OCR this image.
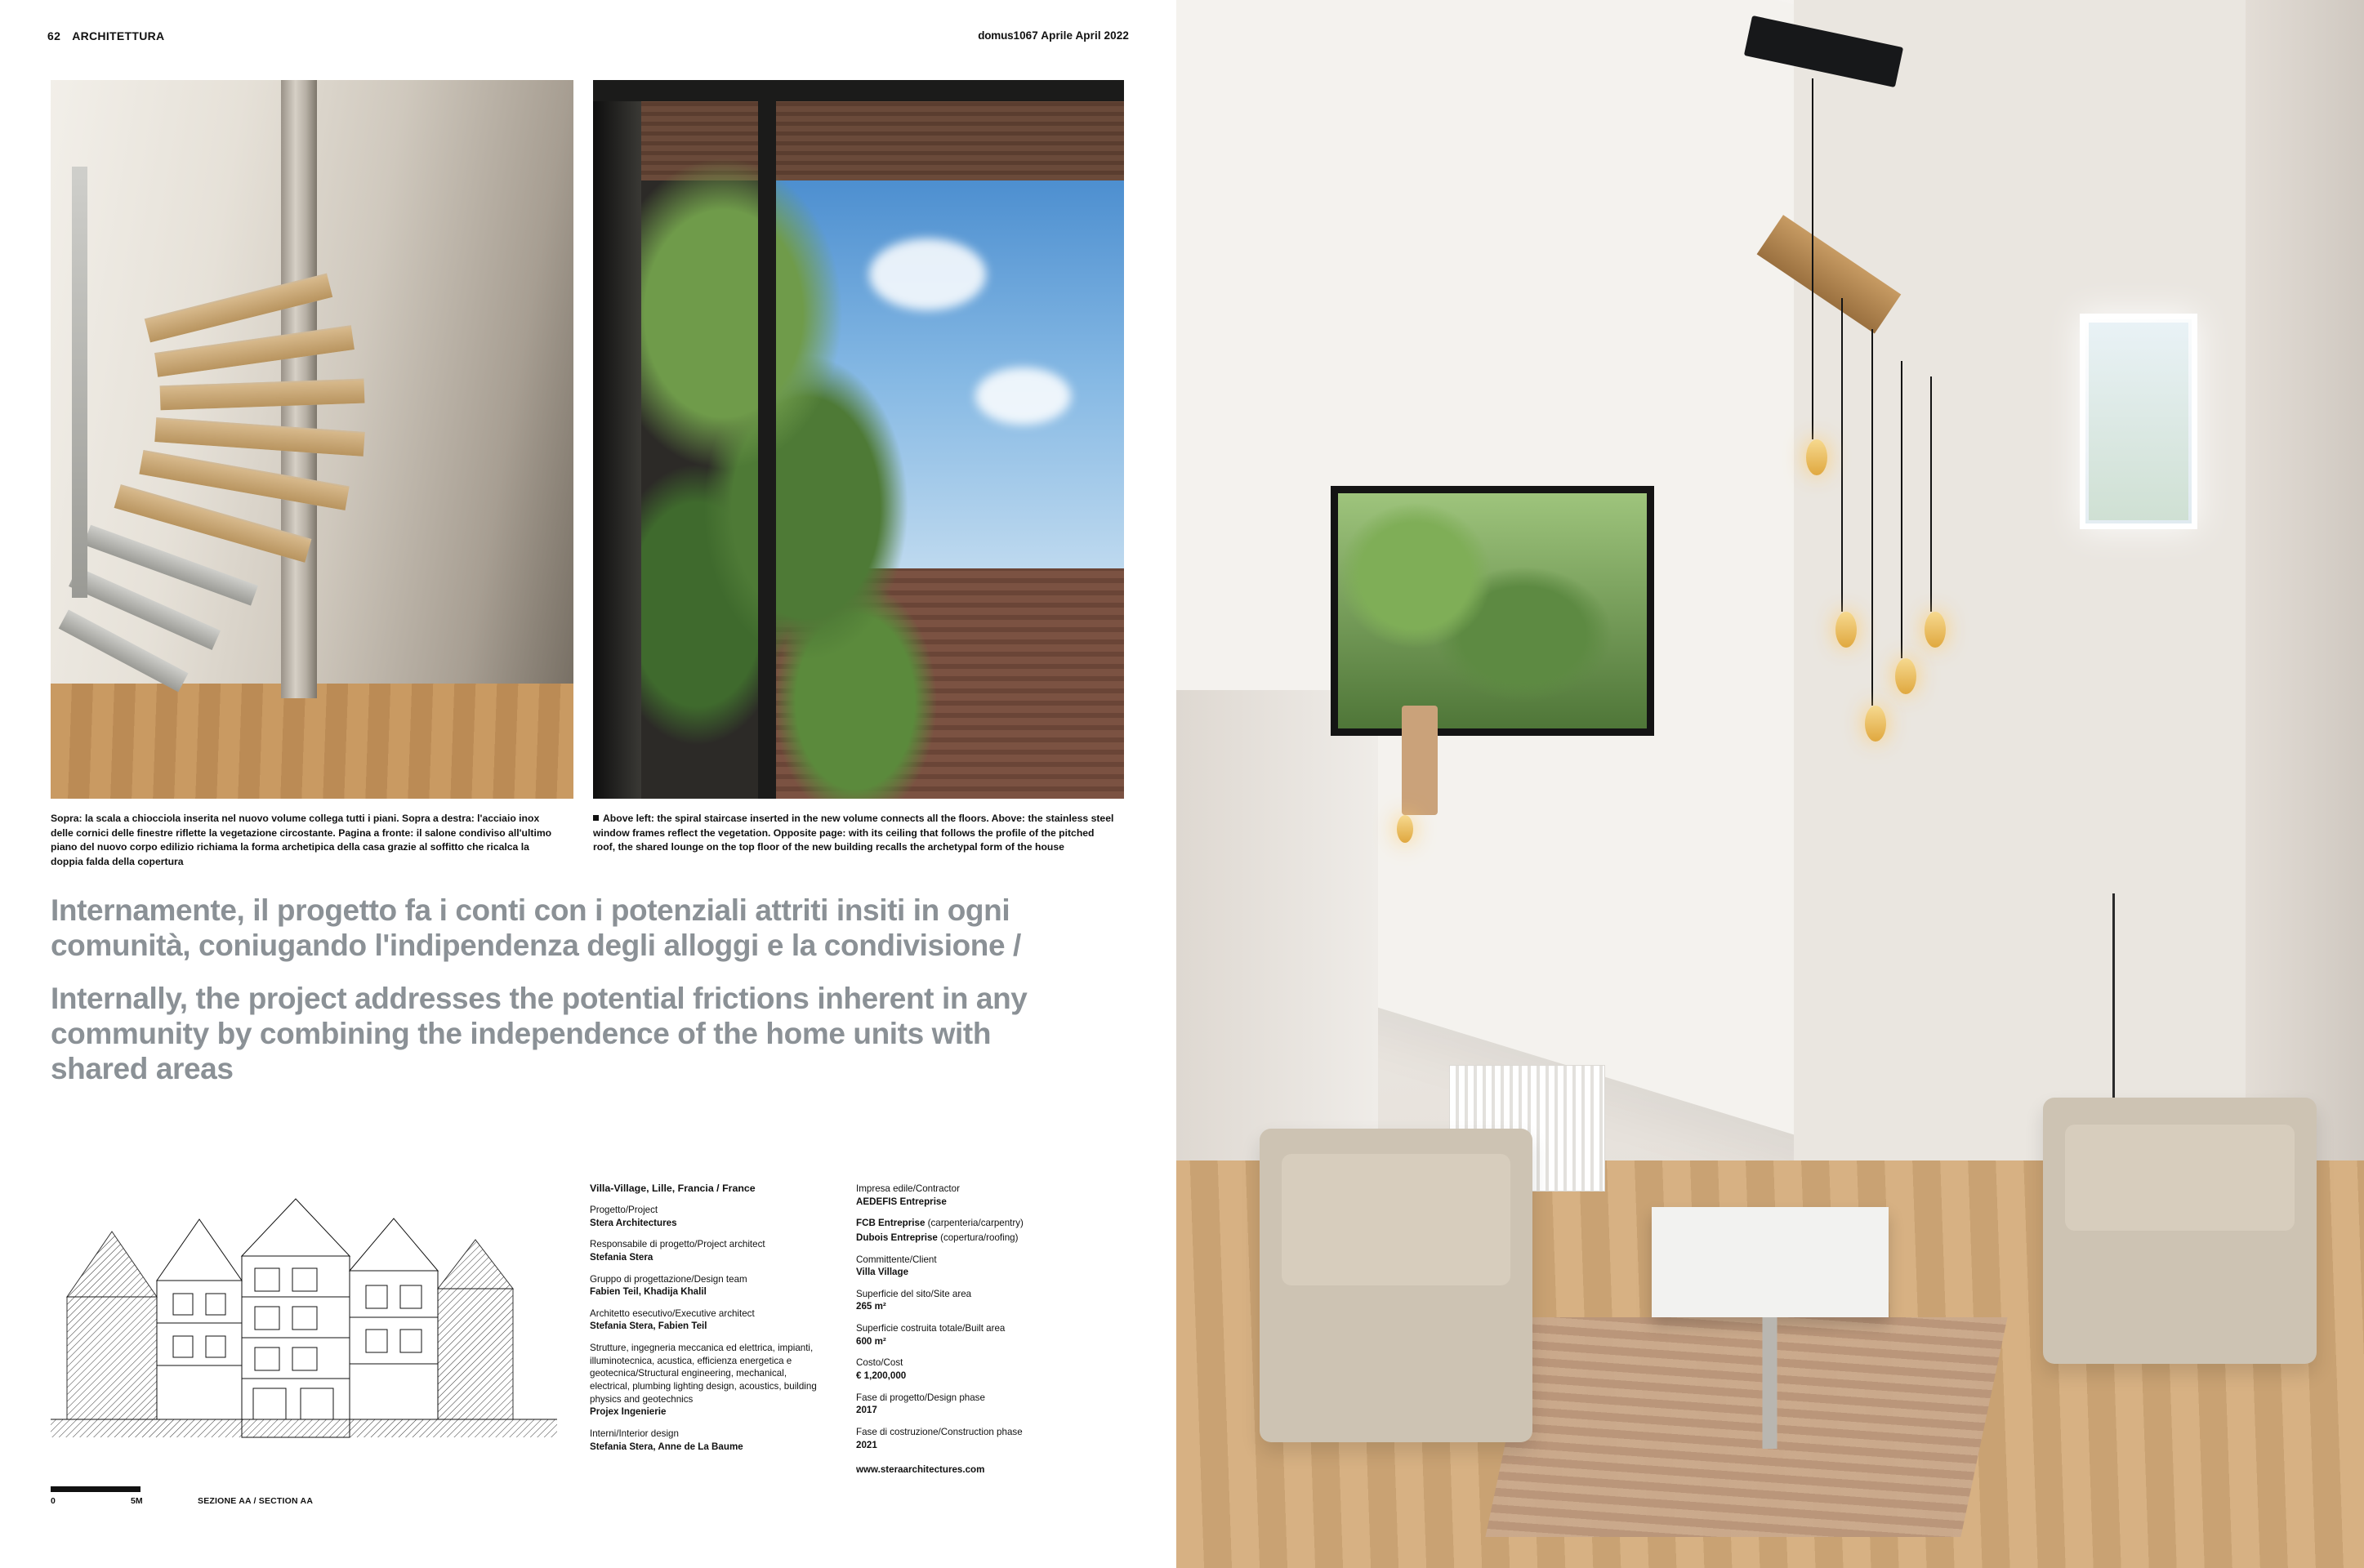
62 ARCHITETTURA	domus1067 Aprile April 2022
Sopra: la scala a chiocciola inserita nel nuovo volume collega tutti i piani. Sopra a destra: l'acciaio inox delle cornici delle finestre riflette la vegetazione circostante. Pagina a fronte: il salone condiviso all'ultimo piano del nuovo corpo edilizio richiama la forma archetipica della casa grazie al soffitto che ricalca la doppia falda della copertura
Above left: the spiral staircase inserted in the new volume connects all the floors. Above: the stainless steel window frames reflect the vegetation. Opposite page: with its ceiling that follows the profile of the pitched roof, the shared lounge on the top floor of the new building recalls the archetypal form of the house
Internamente, il progetto fa i conti con i potenziali attriti insiti in ogni comunità, coniugando l'indipendenza degli alloggi e la condivisione /
Internally, the project addresses the potential frictions inherent in any community by combining the independence of the home units with shared areas
0	5M	SEZIONE AA / SECTION AA
Villa-Village, Lille, Francia / France
Progetto/Project
Stera Architectures
Responsabile di progetto/Project architect
Stefania Stera
Gruppo di progettazione/Design team
Fabien Teil, Khadija Khalil
Architetto esecutivo/Executive architect
Stefania Stera, Fabien Teil
Strutture, ingegneria meccanica ed elettrica, impianti, illuminotecnica, acustica, efficienza energetica e geotecnica/Structural engineering, mechanical, electrical, plumbing lighting design, acoustics, building physics and geotechnics
Projex Ingenierie
Interni/Interior design
Stefania Stera, Anne de La Baume
Impresa edile/Contractor
AEDEFIS Entreprise
FCB Entreprise (carpenteria/carpentry)
Dubois Entreprise (copertura/roofing)
Committente/Client
Villa Village
Superficie del sito/Site area
265 m²
Superficie costruita totale/Built area
600 m²
Costo/Cost
€ 1,200,000
Fase di progetto/Design phase
2017
Fase di costruzione/Construction phase
2021
www.steraarchitectures.com
